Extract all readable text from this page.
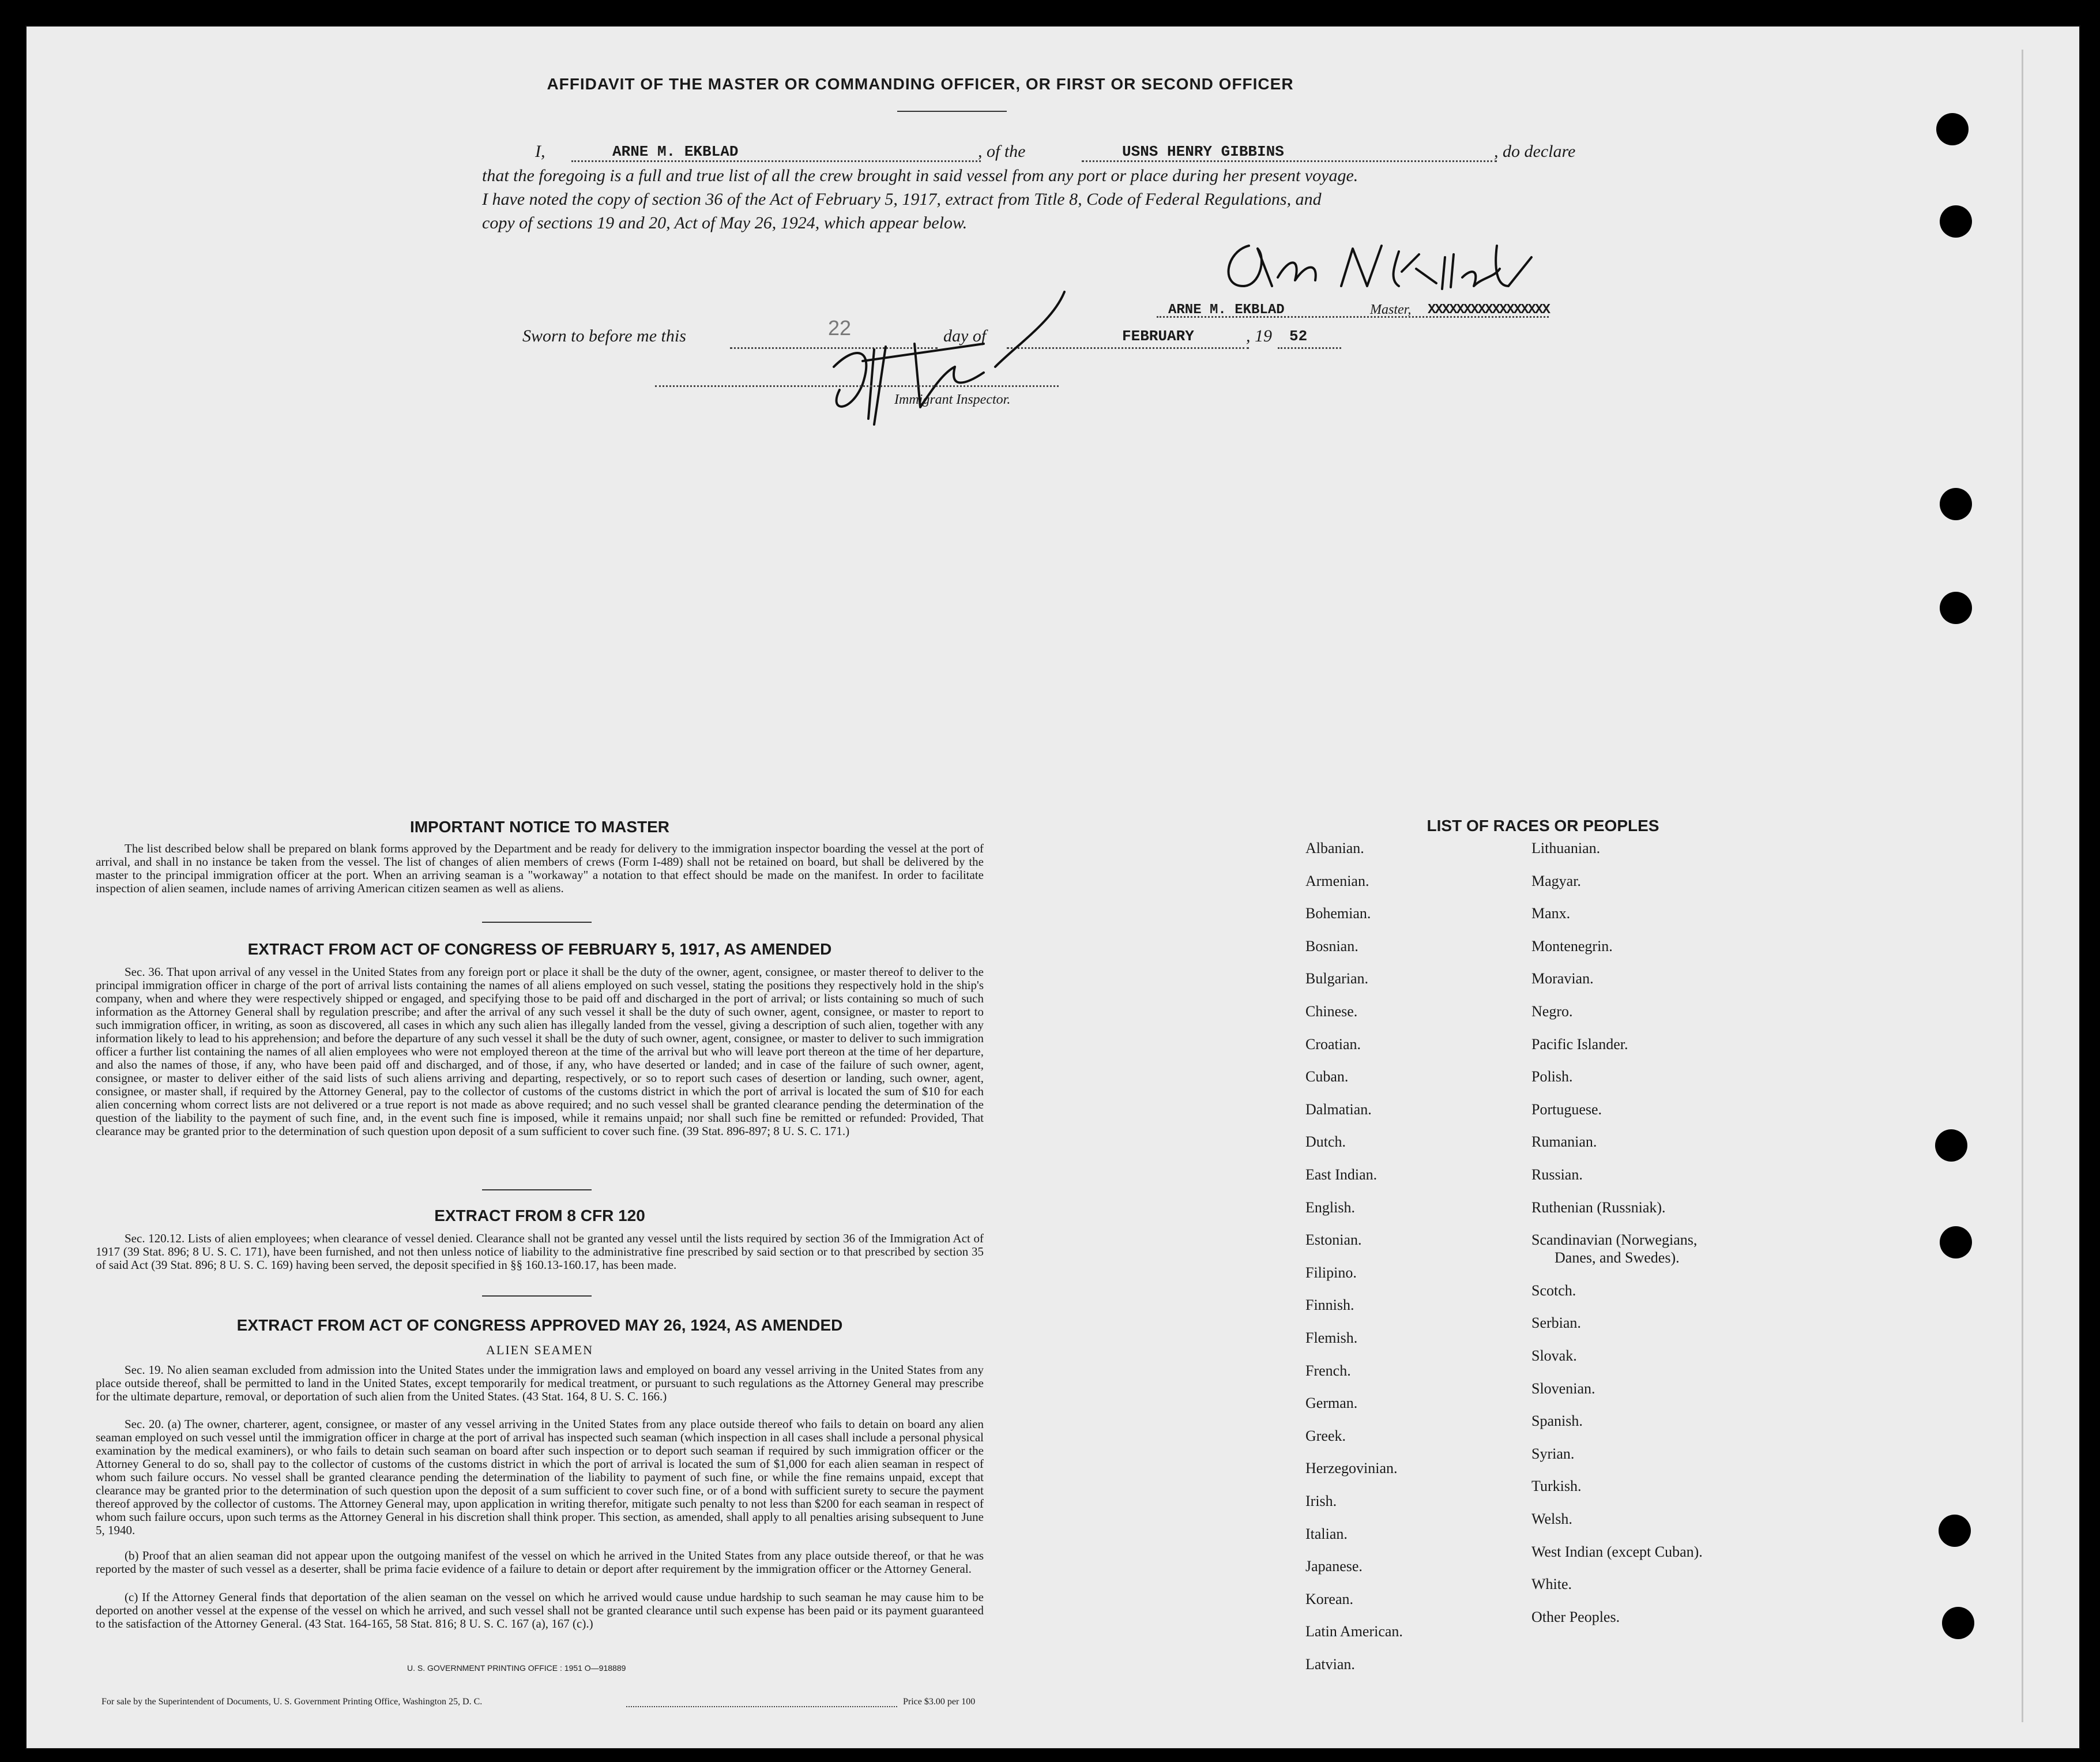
AFFIDAVIT OF THE MASTER OR COMMANDING OFFICER, OR FIRST OR SECOND OFFICER
I,	ARNE M. EKBLAD	, of the	USNS HENRY GIBBINS	, do declare
that the foregoing is a full and true list of all the crew brought in said vessel from any port or place during her present voyage.
I have noted the copy of section 36 of the Act of February 5, 1917, extract from Title 8, Code of Federal Regulations, and
copy of sections 19 and 20, Act of May 26, 1924, which appear below.
ARNE M. EKBLAD	Master, XXXXXXXXXXXXXXXXX
Sworn to before me this	22	day of	FEBRUARY	, 19 52
Immigrant Inspector.
IMPORTANT NOTICE TO MASTER
The list described below shall be prepared on blank forms approved by the Department and be ready for delivery to the immigration inspector boarding the vessel at the port of arrival, and shall in no instance be taken from the vessel. The list of changes of alien members of crews (Form I-489) shall not be retained on board, but shall be delivered by the master to the principal immigration officer at the port. When an arriving seaman is a "workaway" a notation to that effect should be made on the manifest. In order to facilitate inspection of alien seamen, include names of arriving American citizen seamen as well as aliens.
EXTRACT FROM ACT OF CONGRESS OF FEBRUARY 5, 1917, AS AMENDED
Sec. 36. That upon arrival of any vessel in the United States from any foreign port or place it shall be the duty of the owner, agent, consignee, or master thereof to deliver to the principal immigration officer in charge of the port of arrival lists containing the names of all aliens employed on such vessel, stating the positions they respectively hold in the ship's company, when and where they were respectively shipped or engaged, and specifying those to be paid off and discharged in the port of arrival; or lists containing so much of such information as the Attorney General shall by regulation prescribe; and after the arrival of any such vessel it shall be the duty of such owner, agent, consignee, or master to report to such immigration officer, in writing, as soon as discovered, all cases in which any such alien has illegally landed from the vessel, giving a description of such alien, together with any information likely to lead to his apprehension; and before the departure of any such vessel it shall be the duty of such owner, agent, consignee, or master to deliver to such immigration officer a further list containing the names of all alien employees who were not employed thereon at the time of the arrival but who will leave port thereon at the time of her departure, and also the names of those, if any, who have been paid off and discharged, and of those, if any, who have deserted or landed; and in case of the failure of such owner, agent, consignee, or master to deliver either of the said lists of such aliens arriving and departing, respectively, or so to report such cases of desertion or landing, such owner, agent, consignee, or master shall, if required by the Attorney General, pay to the collector of customs of the customs district in which the port of arrival is located the sum of $10 for each alien concerning whom correct lists are not delivered or a true report is not made as above required; and no such vessel shall be granted clearance pending the determination of the question of the liability to the payment of such fine, and, in the event such fine is imposed, while it remains unpaid; nor shall such fine be remitted or refunded: Provided, That clearance may be granted prior to the determination of such question upon deposit of a sum sufficient to cover such fine. (39 Stat. 896-897; 8 U. S. C. 171.)
EXTRACT FROM 8 CFR 120
Sec. 120.12. Lists of alien employees; when clearance of vessel denied. Clearance shall not be granted any vessel until the lists required by section 36 of the Immigration Act of 1917 (39 Stat. 896; 8 U. S. C. 171), have been furnished, and not then unless notice of liability to the administrative fine prescribed by said section or to that prescribed by section 35 of said Act (39 Stat. 896; 8 U. S. C. 169) having been served, the deposit specified in §§ 160.13-160.17, has been made.
EXTRACT FROM ACT OF CONGRESS APPROVED MAY 26, 1924, AS AMENDED
ALIEN SEAMEN
Sec. 19. No alien seaman excluded from admission into the United States under the immigration laws and employed on board any vessel arriving in the United States from any place outside thereof, shall be permitted to land in the United States, except temporarily for medical treatment, or pursuant to such regulations as the Attorney General may prescribe for the ultimate departure, removal, or deportation of such alien from the United States. (43 Stat. 164, 8 U. S. C. 166.)
Sec. 20. (a) The owner, charterer, agent, consignee, or master of any vessel arriving in the United States from any place outside thereof who fails to detain on board any alien seaman employed on such vessel until the immigration officer in charge at the port of arrival has inspected such seaman (which inspection in all cases shall include a personal physical examination by the medical examiners), or who fails to detain such seaman on board after such inspection or to deport such seaman if required by such immigration officer or the Attorney General to do so, shall pay to the collector of customs of the customs district in which the port of arrival is located the sum of $1,000 for each alien seaman in respect of whom such failure occurs. No vessel shall be granted clearance pending the determination of the liability to payment of such fine, or while the fine remains unpaid, except that clearance may be granted prior to the determination of such question upon the deposit of a sum sufficient to cover such fine, or of a bond with sufficient surety to secure the payment thereof approved by the collector of customs. The Attorney General may, upon application in writing therefor, mitigate such penalty to not less than $200 for each seaman in respect of whom such failure occurs, upon such terms as the Attorney General in his discretion shall think proper. This section, as amended, shall apply to all penalties arising subsequent to June 5, 1940.
(b) Proof that an alien seaman did not appear upon the outgoing manifest of the vessel on which he arrived in the United States from any place outside thereof, or that he was reported by the master of such vessel as a deserter, shall be prima facie evidence of a failure to detain or deport after requirement by the immigration officer or the Attorney General.
(c) If the Attorney General finds that deportation of the alien seaman on the vessel on which he arrived would cause undue hardship to such seaman he may cause him to be deported on another vessel at the expense of the vessel on which he arrived, and such vessel shall not be granted clearance until such expense has been paid or its payment guaranteed to the satisfaction of the Attorney General. (43 Stat. 164-165, 58 Stat. 816; 8 U. S. C. 167 (a), 167 (c).)
U. S. GOVERNMENT PRINTING OFFICE : 1951 O—918889
For sale by the Superintendent of Documents, U. S. Government Printing Office, Washington 25, D. C.	Price $3.00 per 100
LIST OF RACES OR PEOPLES
Albanian.
Armenian.
Bohemian.
Bosnian.
Bulgarian.
Chinese.
Croatian.
Cuban.
Dalmatian.
Dutch.
East Indian.
English.
Estonian.
Filipino.
Finnish.
Flemish.
French.
German.
Greek.
Herzegovinian.
Irish.
Italian.
Japanese.
Korean.
Latin American.
Latvian.
Lithuanian.
Magyar.
Manx.
Montenegrin.
Moravian.
Negro.
Pacific Islander.
Polish.
Portuguese.
Rumanian.
Russian.
Ruthenian (Russniak).
Scandinavian (Norwegians,
Danes, and Swedes).
Scotch.
Serbian.
Slovak.
Slovenian.
Spanish.
Syrian.
Turkish.
Welsh.
West Indian (except Cuban).
White.
Other Peoples.
